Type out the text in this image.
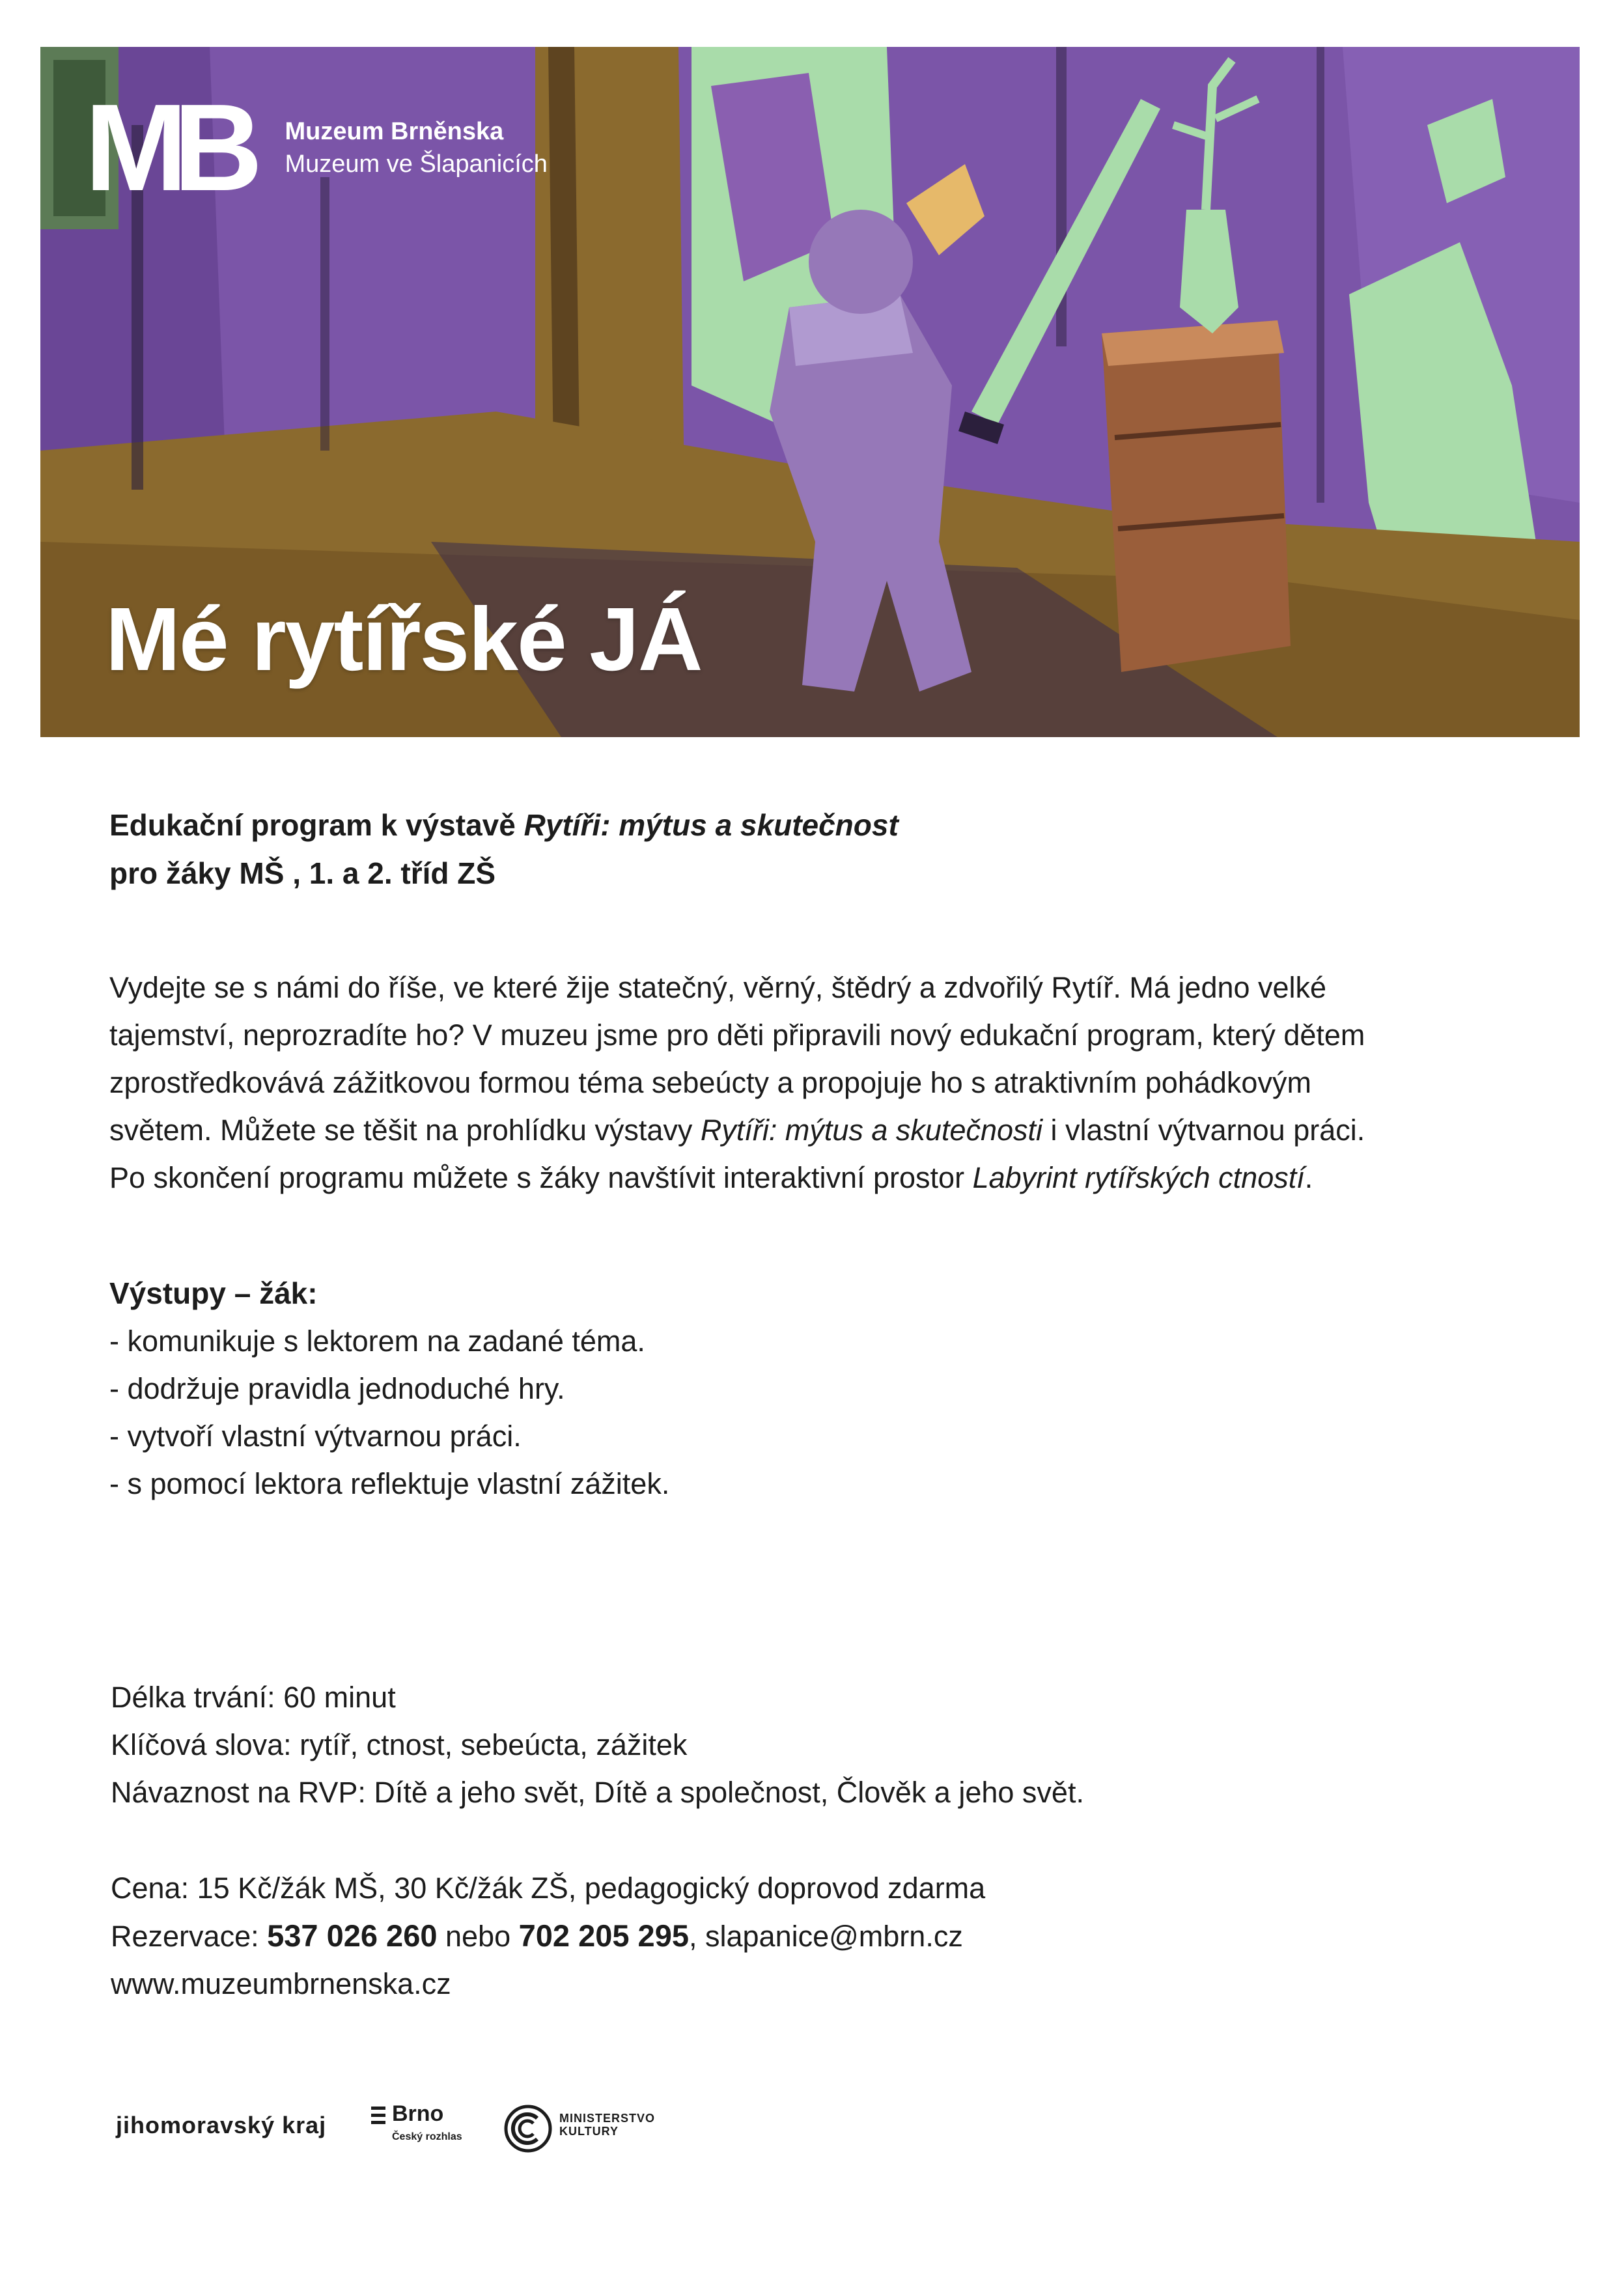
MB Muzeum Brněnska
Muzeum ve Šlapanicích
Mé rytířské JÁ

Edukační program k výstavě Rytíři: mýtus a skutečnost

pro žáky MŠ , 1. a 2. tříd ZŠ

Vydejte se s námi do říše, ve které žije statečný, věrný, štědrý a zdvořilý Rytíř. Má jedno velké

tajemství, neprozradíte ho? V muzeu jsme pro děti připravili nový edukační program, který dětem

zprostředkovává zážitkovou formou téma sebeúcty a propojuje ho s atraktivním pohádkovým

světem. Můžete se těšit na prohlídku výstavy Rytíři: mýtus a skutečnosti i vlastní výtvarnou práci.

Po skončení programu můžete s žáky navštívit interaktivní prostor Labyrint rytířských ctností.

Výstupy – žák:
- komunikuje s lektorem na zadané téma.
- dodržuje pravidla jednoduché hry.
- vytvoří vlastní výtvarnou práci.
- s pomocí lektora reflektuje vlastní zážitek.

Délka trvání: 60 minut

Klíčová slova: rytíř, ctnost, sebeúcta, zážitek

Návaznost na RVP: Dítě a jeho svět, Dítě a společnost, Člověk a jeho svět.

Cena: 15 Kč/žák MŠ, 30 Kč/žák ZŠ, pedagogický doprovod zdarma

Rezervace: 537 026 260 nebo 702 205 295, slapanice@mbrn.cz

www.muzeumbrnenska.cz

jihomoravský kraj	Brno
Český rozhlas
MINISTERSTVO
KULTURY
